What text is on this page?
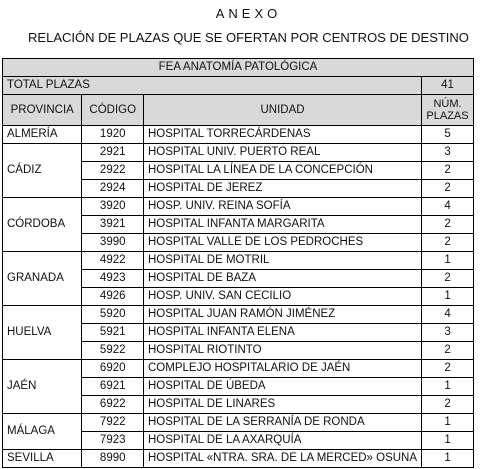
ANEXO
RELACIÓN DE PLAZAS QUE SE OFERTAN POR CENTROS DE DESTINO
FEA ANATOMÍA PATOLÓGICA			
TOTAL PLAZAS			41
PROVINCIA	CÓDIGO	UNIDAD	NÚM.
PLAZAS
ALMERÍA	1920	HOSPITAL TORRECÁRDENAS	5
CÁDIZ	2921	HOSPITAL UNIV. PUERTO REAL	3
	2922	HOSPITAL LA LÍNEA DE LA CONCEPCIÓN	2
	2924	HOSPITAL DE JEREZ	2
CÓRDOBA	3920	HOSP. UNIV. REINA SOFÍA	4
	3921	HOSPITAL INFANTA MARGARITA	2
	3990	HOSPITAL VALLE DE LOS PEDROCHES	2
GRANADA	4922	HOSPITAL DE MOTRIL	1
	4923	HOSPITAL DE BAZA	2
	4926	HOSP. UNIV. SAN CECILIO	1
HUELVA	5920	HOSPITAL JUAN RAMÓN JIMÉNEZ	4
	5921	HOSPITAL INFANTA ELENA	3
	5922	HOSPITAL RIOTINTO	2
JAÉN	6920	COMPLEJO HOSPITALARIO DE JAÉN	2
	6921	HOSPITAL DE ÚBEDA	1
	6922	HOSPITAL DE LINARES	2
MÁLAGA	7922	HOSPITAL DE LA SERRANÍA DE RONDA	1
	7923	HOSPITAL DE LA AXARQUÍA	1
SEVILLA	8990	HOSPITAL «NTRA. SRA. DE LA MERCED» OSUNA	1
